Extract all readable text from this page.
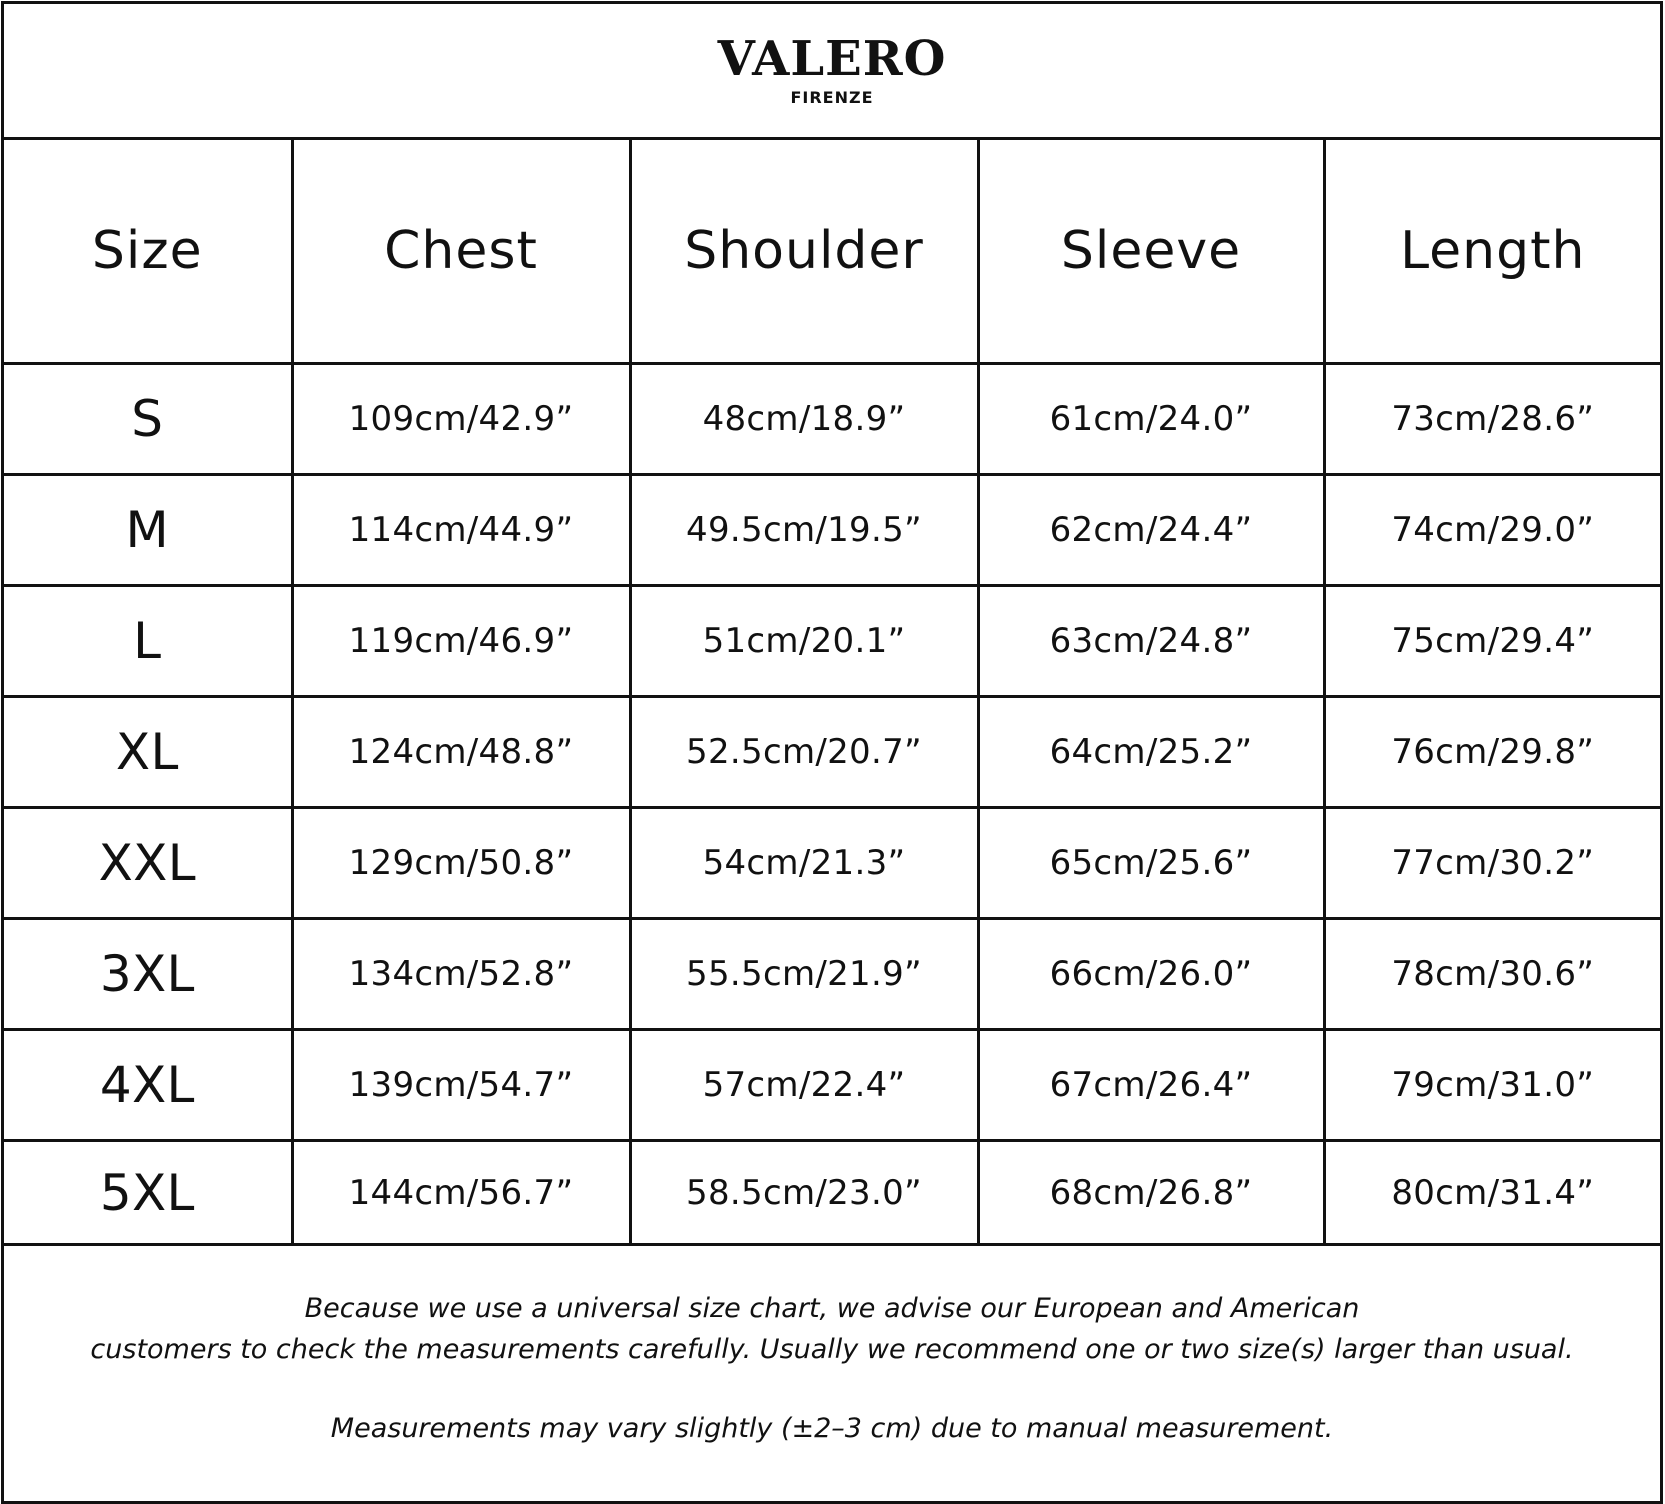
VALERO
FIRENZE
Size	Chest	Shoulder	Sleeve	Length
S	109cm/42.9”	48cm/18.9”	61cm/24.0”	73cm/28.6”
M	114cm/44.9”	49.5cm/19.5”	62cm/24.4”	74cm/29.0”
L	119cm/46.9”	51cm/20.1”	63cm/24.8”	75cm/29.4”
XL	124cm/48.8”	52.5cm/20.7”	64cm/25.2”	76cm/29.8”
XXL	129cm/50.8”	54cm/21.3”	65cm/25.6”	77cm/30.2”
3XL	134cm/52.8”	55.5cm/21.9”	66cm/26.0”	78cm/30.6”
4XL	139cm/54.7”	57cm/22.4”	67cm/26.4”	79cm/31.0”
5XL	144cm/56.7”	58.5cm/23.0”	68cm/26.8”	80cm/31.4”
Because we use a universal size chart, we advise our European and American
customers to check the measurements carefully. Usually we recommend one or two size(s) larger than usual.
Measurements may vary slightly (±2–3 cm) due to manual measurement.
